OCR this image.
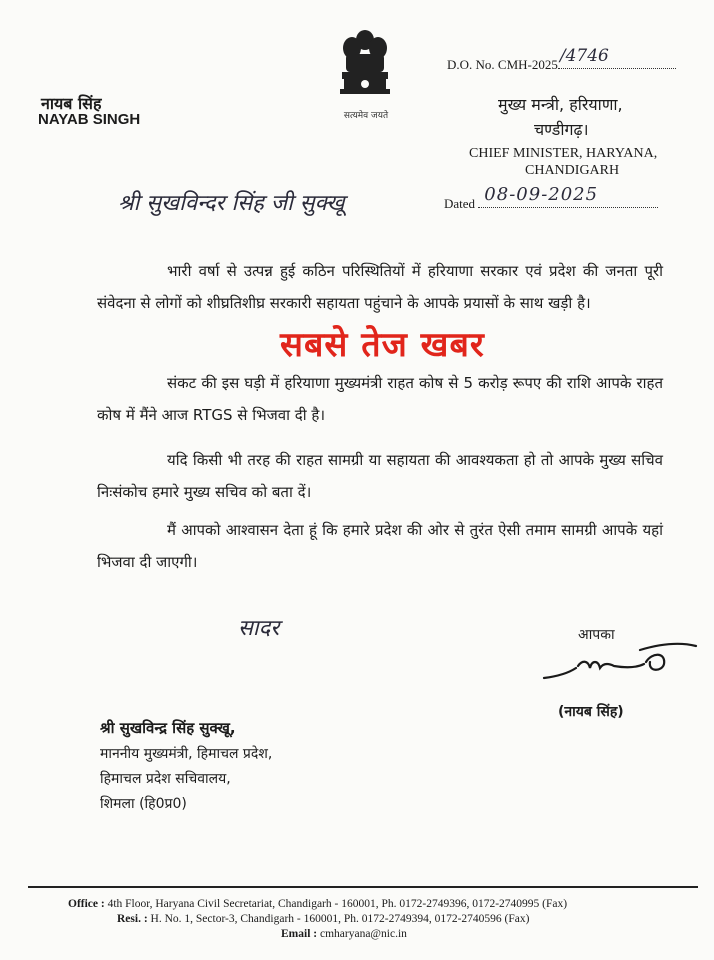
सत्यमेव जयते
नायब सिंह
NAYAB SINGH
D.O. No. CMH-2025 /4746
मुख्य मन्त्री, हरियाणा,
चण्डीगढ़।
CHIEF MINISTER, HARYANA,
CHANDIGARH
श्री सुखविन्दर सिंह जी सुक्खू	Dated 08-09-2025
भारी वर्षा से उत्पन्न हुई कठिन परिस्थितियों में हरियाणा सरकार एवं प्रदेश की जनता पूरी संवेदना से लोगों को शीघ्रतिशीघ्र सरकारी सहायता पहुंचाने के आपके प्रयासों के साथ खड़ी है।
संकट की इस घड़ी में हरियाणा मुख्यमंत्री राहत कोष से 5 करोड़ रूपए की राशि आपके राहत कोष में मैंने आज RTGS से भिजवा दी है।
यदि किसी भी तरह की राहत सामग्री या सहायता की आवश्यकता हो तो आपके मुख्य सचिव निःसंकोच हमारे मुख्य सचिव को बता दें।
मैं आपको आश्वासन देता हूं कि हमारे प्रदेश की ओर से तुरंत ऐसी तमाम सामग्री आपके यहां भिजवा दी जाएगी।
सबसे तेज खबर
सादर	आपका
(नायब सिंह)
श्री सुखविन्द्र सिंह सुक्खू,
माननीय मुख्यमंत्री, हिमाचल प्रदेश,
हिमाचल प्रदेश सचिवालय,
शिमला (हि0प्र0)
Office : 4th Floor, Haryana Civil Secretariat, Chandigarh - 160001, Ph. 0172-2749396, 0172-2740995 (Fax)
Resi. : H. No. 1, Sector-3, Chandigarh - 160001, Ph. 0172-2749394, 0172-2740596 (Fax)
Email : cmharyana@nic.in
